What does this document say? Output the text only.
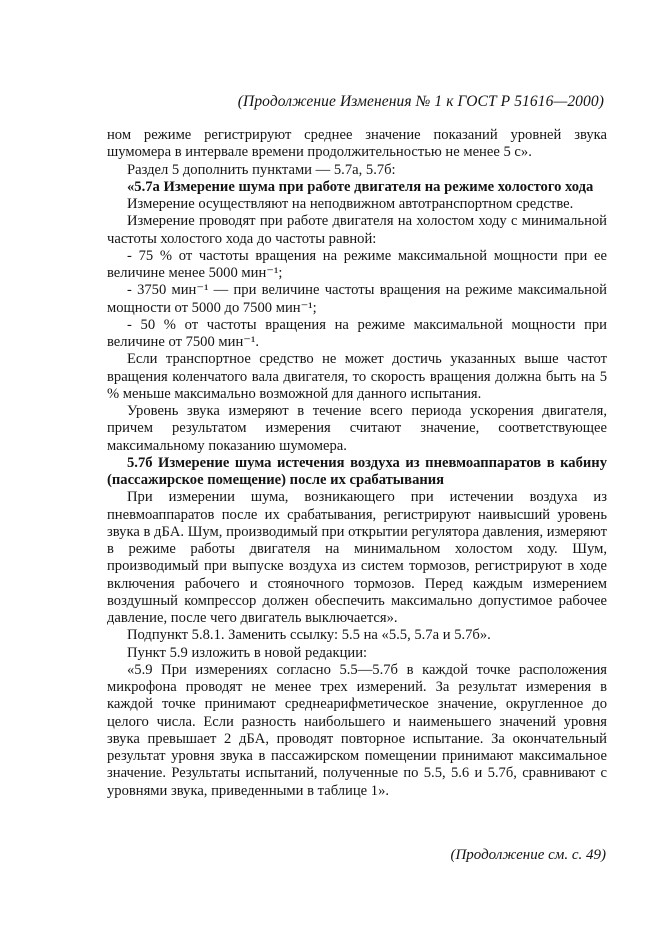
(Продолжение Изменения № 1 к ГОСТ Р 51616—2000)

ном режиме регистрируют среднее значение показаний уровней звука шумомера в интервале времени продолжительностью не менее 5 с».

Раздел 5 дополнить пунктами — 5.7а, 5.7б:

«5.7а Измерение шума при работе двигателя на режиме холостого хода

Измерение осуществляют на неподвижном автотранспортном средстве.

Измерение проводят при работе двигателя на холостом ходу с минимальной частоты холостого хода до частоты равной:

- 75 % от частоты вращения на режиме максимальной мощности при ее величине менее 5000 мин⁻¹;

- 3750 мин⁻¹ — при величине частоты вращения на режиме максимальной мощности от 5000 до 7500 мин⁻¹;

- 50 % от частоты вращения на режиме максимальной мощности при величине от 7500 мин⁻¹.

Если транспортное средство не может достичь указанных выше частот вращения коленчатого вала двигателя, то скорость вращения должна быть на 5 % меньше максимально возможной для данного испытания.

Уровень звука измеряют в течение всего периода ускорения двигателя, причем результатом измерения считают значение, соответствующее максимальному показанию шумомера.

5.7б Измерение шума истечения воздуха из пневмоаппаратов в кабину (пассажирское помещение) после их срабатывания

При измерении шума, возникающего при истечении воздуха из пневмоаппаратов после их срабатывания, регистрируют наивысший уровень звука в дБA. Шум, производимый при открытии регулятора давления, измеряют в режиме работы двигателя на минимальном холостом ходу. Шум, производимый при выпуске воздуха из систем тормозов, регистрируют в ходе включения рабочего и стояночного тормозов. Перед каждым измерением воздушный компрессор должен обеспечить максимально допустимое рабочее давление, после чего двигатель выключается».

Подпункт 5.8.1. Заменить ссылку: 5.5 на «5.5, 5.7а и 5.7б».

Пункт 5.9 изложить в новой редакции:

«5.9 При измерениях согласно 5.5—5.7б в каждой точке расположения микрофона проводят не менее трех измерений. За результат измерения в каждой точке принимают среднеарифметическое значение, округленное до целого числа. Если разность наибольшего и наименьшего значений уровня звука превышает 2 дБA, проводят повторное испытание. За окончательный результат уровня звука в пассажирском помещении принимают максимальное значение. Результаты испытаний, полученные по 5.5, 5.6 и 5.7б, сравнивают с уровнями звука, приведенными в таблице 1».

(Продолжение см. с. 49)
